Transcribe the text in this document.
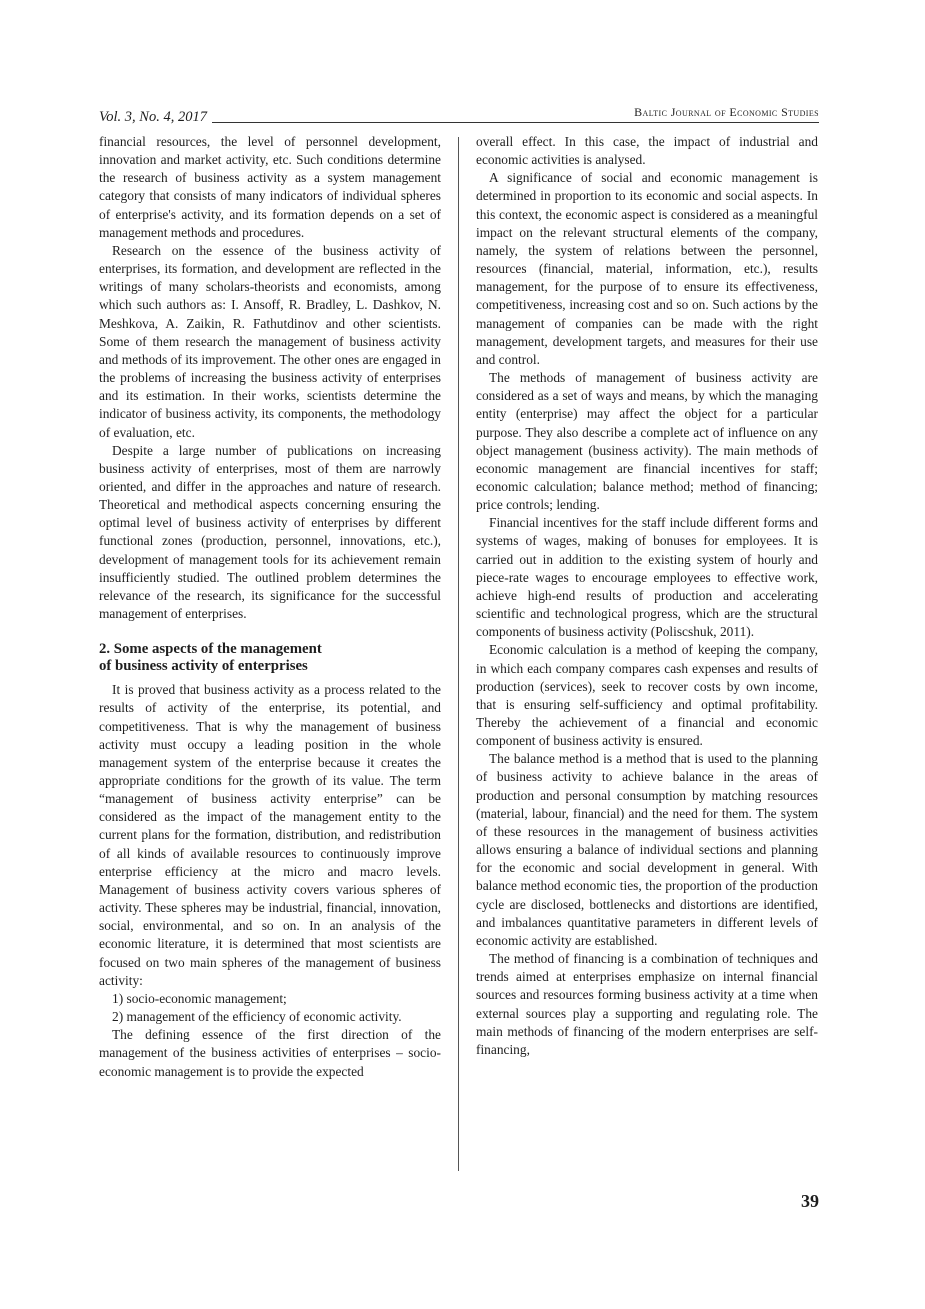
Vol. 3, No. 4, 2017	Baltic Journal of Economic Studies

financial resources, the level of personnel development, innovation and market activity, etc. Such conditions determine the research of business activity as a system management category that consists of many indicators of individual spheres of enterprise's activity, and its formation depends on a set of management methods and procedures.

Research on the essence of the business activity of enterprises, its formation, and development are reflected in the writings of many scholars-theorists and economists, among which such authors as: I. Ansoff, R. Bradley, L. Dashkov, N. Meshkova, A. Zaikin, R. Fathutdinov and other scientists. Some of them research the management of business activity and methods of its improvement. The other ones are engaged in the problems of increasing the business activity of enterprises and its estimation. In their works, scientists determine the indicator of business activity, its components, the methodology of evaluation, etc.

Despite a large number of publications on increasing business activity of enterprises, most of them are narrowly oriented, and differ in the approaches and nature of research. Theoretical and methodical aspects concerning ensuring the optimal level of business activity of enterprises by different functional zones (production, personnel, innovations, etc.), development of management tools for its achievement remain insufficiently studied. The outlined problem determines the relevance of the research, its significance for the successful management of enterprises.

2. Some aspects of the management
of business activity of enterprises

It is proved that business activity as a process related to the results of activity of the enterprise, its potential, and competitiveness. That is why the management of business activity must occupy a leading position in the whole management system of the enterprise because it creates the appropriate conditions for the growth of its value. The term “management of business activity enterprise” can be considered as the impact of the management entity to the current plans for the formation, distribution, and redistribution of all kinds of available resources to continuously improve enterprise efficiency at the micro and macro levels. Management of business activity covers various spheres of activity. These spheres may be industrial, financial, innovation, social, environmental, and so on. In an analysis of the economic literature, it is determined that most scientists are focused on two main spheres of the management of business activity:

1) socio-economic management;

2) management of the efficiency of economic activity.

The defining essence of the first direction of the management of the business activities of enterprises – socio-economic management is to provide the expected

overall effect. In this case, the impact of industrial and economic activities is analysed.

A significance of social and economic management is determined in proportion to its economic and social aspects. In this context, the economic aspect is considered as a meaningful impact on the relevant structural elements of the company, namely, the system of relations between the personnel, resources (financial, material, information, etc.), results management, for the purpose of to ensure its effectiveness, competitiveness, increasing cost and so on. Such actions by the management of companies can be made with the right management, development targets, and measures for their use and control.

The methods of management of business activity are considered as a set of ways and means, by which the managing entity (enterprise) may affect the object for a particular purpose. They also describe a complete act of influence on any object management (business activity). The main methods of economic management are financial incentives for staff; economic calculation; balance method; method of financing; price controls; lending.

Financial incentives for the staff include different forms and systems of wages, making of bonuses for employees. It is carried out in addition to the existing system of hourly and piece-rate wages to encourage employees to effective work, achieve high-end results of production and accelerating scientific and technological progress, which are the structural components of business activity (Poliscshuk, 2011).

Economic calculation is a method of keeping the company, in which each company compares cash expenses and results of production (services), seek to recover costs by own income, that is ensuring self-sufficiency and optimal profitability. Thereby the achievement of a financial and economic component of business activity is ensured.

The balance method is a method that is used to the planning of business activity to achieve balance in the areas of production and personal consumption by matching resources (material, labour, financial) and the need for them. The system of these resources in the management of business activities allows ensuring a balance of individual sections and planning for the economic and social development in general. With balance method economic ties, the proportion of the production cycle are disclosed, bottlenecks and distortions are identified, and imbalances quantitative parameters in different levels of economic activity are established.

The method of financing is a combination of techniques and trends aimed at enterprises emphasize on internal financial sources and resources forming business activity at a time when external sources play a supporting and regulating role. The main methods of financing of the modern enterprises are self-financing,

39
